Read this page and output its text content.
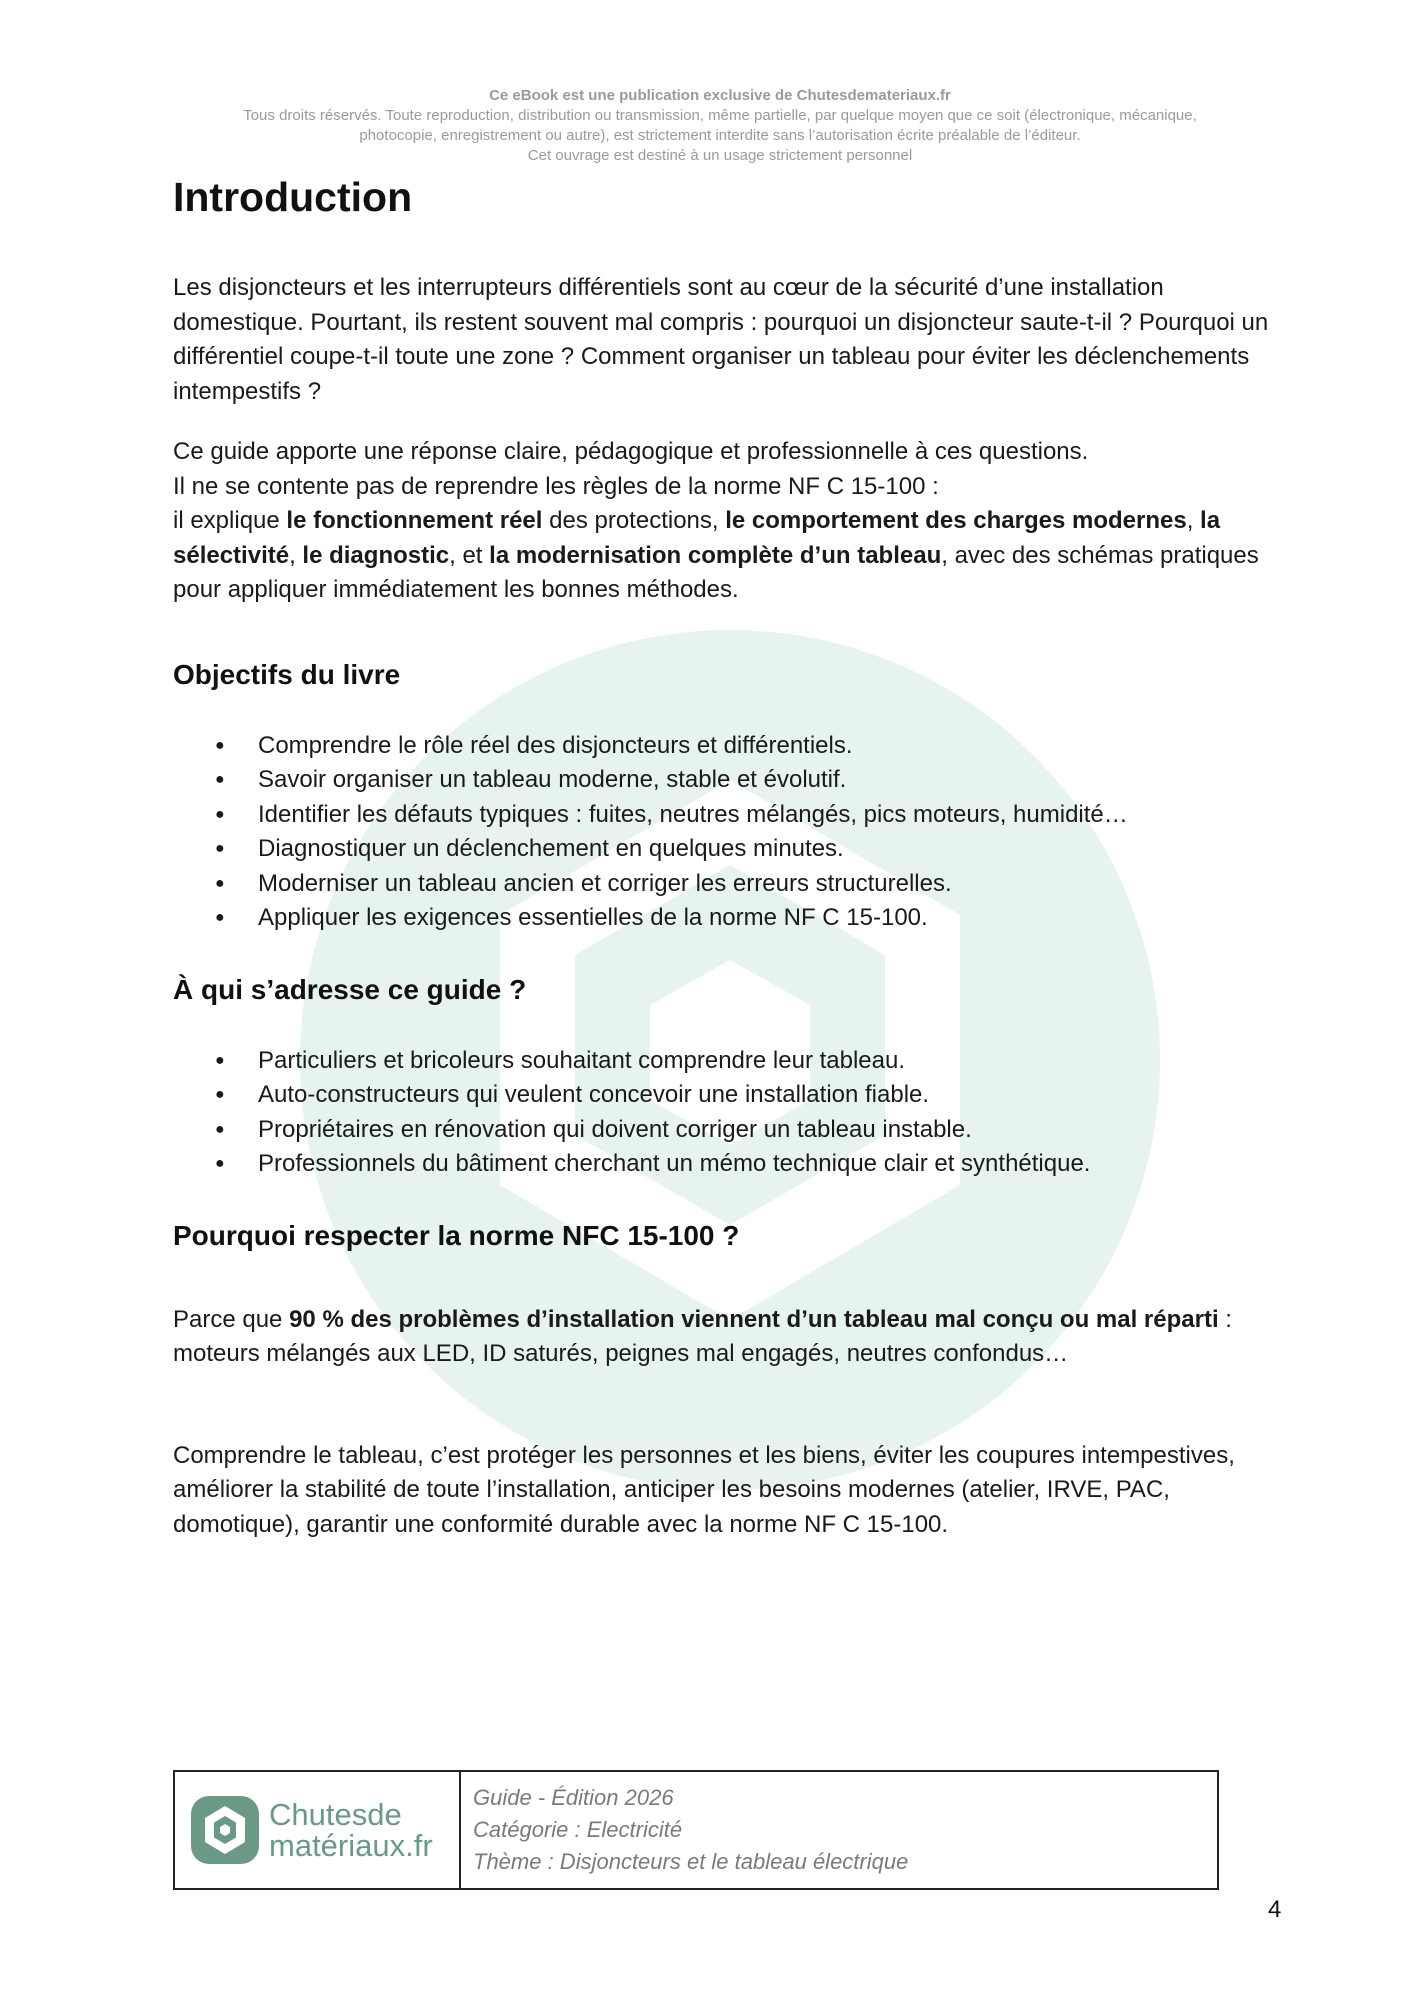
Ce eBook est une publication exclusive de Chutesdemateriaux.fr
Tous droits réservés. Toute reproduction, distribution ou transmission, même partielle, par quelque moyen que ce soit (électronique, mécanique,
photocopie, enregistrement ou autre), est strictement interdite sans l’autorisation écrite préalable de l’éditeur.
Cet ouvrage est destiné à un usage strictement personnel
Introduction

Les disjoncteurs et les interrupteurs différentiels sont au cœur de la sécurité d’une installation domestique. Pourtant, ils restent souvent mal compris : pourquoi un disjoncteur saute-t-il ? Pourquoi un différentiel coupe-t-il toute une zone ? Comment organiser un tableau pour éviter les déclenchements intempestifs ?

Ce guide apporte une réponse claire, pédagogique et professionnelle à ces questions.
Il ne se contente pas de reprendre les règles de la norme NF C 15-100 :
il explique le fonctionnement réel des protections, le comportement des charges modernes, la sélectivité, le diagnostic, et la modernisation complète d’un tableau, avec des schémas pratiques pour appliquer immédiatement les bonnes méthodes.

Objectifs du livre
● Comprendre le rôle réel des disjoncteurs et différentiels.
● Savoir organiser un tableau moderne, stable et évolutif.
● Identifier les défauts typiques : fuites, neutres mélangés, pics moteurs, humidité…
● Diagnostiquer un déclenchement en quelques minutes.
● Moderniser un tableau ancien et corriger les erreurs structurelles.
● Appliquer les exigences essentielles de la norme NF C 15-100.
À qui s’adresse ce guide ?
● Particuliers et bricoleurs souhaitant comprendre leur tableau.
● Auto-constructeurs qui veulent concevoir une installation fiable.
● Propriétaires en rénovation qui doivent corriger un tableau instable.
● Professionnels du bâtiment cherchant un mémo technique clair et synthétique.
Pourquoi respecter la norme NFC 15-100 ?

Parce que 90 % des problèmes d’installation viennent d’un tableau mal conçu ou mal réparti : moteurs mélangés aux LED, ID saturés, peignes mal engagés, neutres confondus…

Comprendre le tableau, c’est protéger les personnes et les biens, éviter les coupures intempestives, améliorer la stabilité de toute l’installation, anticiper les besoins modernes (atelier, IRVE, PAC, domotique), garantir une conformité durable avec la norme NF C 15-100.

Chutesde
matériaux.fr
Guide - Édition 2026
Catégorie : Electricité
Thème : Disjoncteurs et le tableau électrique
4
